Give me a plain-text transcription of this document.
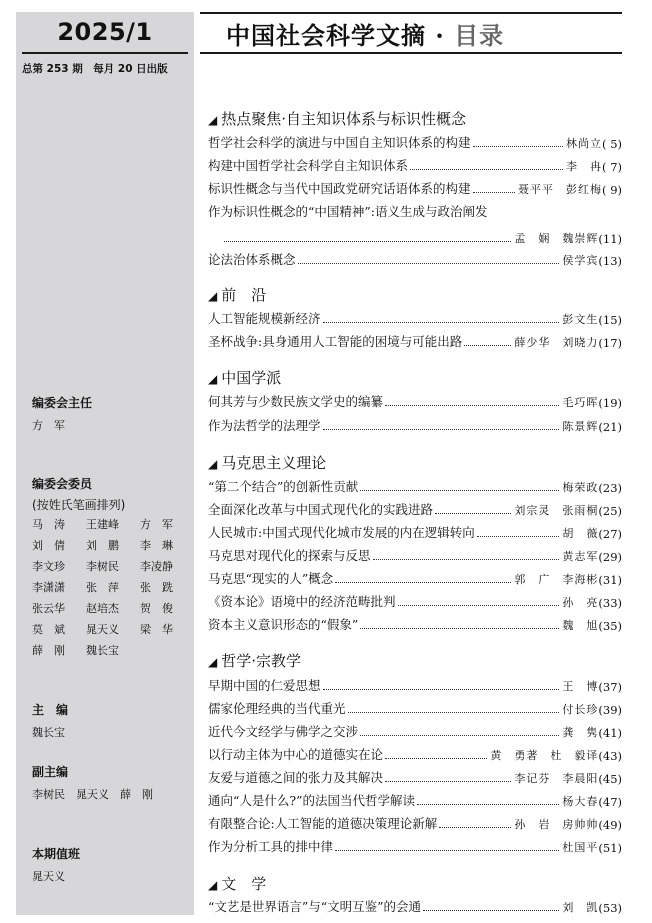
2025/1
总第 253 期　每月 20 日出版
编委会主任
方　军
编委会委员
(按姓氏笔画排列)
马　涛 王建峰 方　军
刘　倩 刘　鹏 李　琳
李文珍 李树民 李凌静
李潇潇 张　萍 张　跣
张云华 赵培杰 贺　俊
莫　斌 晁天义 梁　华
薛　刚 魏长宝
主　编
魏长宝
副主编
李树民　晁天义　薛　刚
本期值班
晁天义
中国社会科学文摘 · 目录
◢ 热点聚焦·自主知识体系与标识性概念
哲学社会科学的演进与中国自主知识体系的构建	林尚立 ( 5)
构建中国哲学社会科学自主知识体系	李　冉 ( 7)
标识性概念与当代中国政党研究话语体系的构建	聂平平　彭红梅 ( 9)
作为标识性概念的“中国精神”:语义生成与政治阐发
孟　娴　魏崇辉 (11)
论法治体系概念	侯学宾 (13)
◢ 前　沿
人工智能规模新经济	彭文生 (15)
圣杯战争:具身通用人工智能的困境与可能出路	薛少华　刘晓力 (17)
◢ 中国学派
何其芳与少数民族文学史的编纂	毛巧晖 (19)
作为法哲学的法理学	陈景辉 (21)
◢ 马克思主义理论
“第二个结合”的创新性贡献	梅荣政 (23)
全面深化改革与中国式现代化的实践进路	刘宗灵　张雨桐 (25)
人民城市:中国式现代化城市发展的内在逻辑转向	胡　薇 (27)
马克思对现代化的探索与反思	黄志军 (29)
马克思“现实的人”概念	郭　广　李海彬 (31)
《资本论》语境中的经济范畴批判	孙　亮 (33)
资本主义意识形态的“假象”	魏　旭 (35)
◢ 哲学·宗教学
早期中国的仁爱思想	王　博 (37)
儒家伦理经典的当代重光	付长珍 (39)
近代今文经学与佛学之交涉	龚　隽 (41)
以行动主体为中心的道德实在论	黄　勇著　杜　毅译 (43)
友爱与道德之间的张力及其解决	李记芬　李晨阳 (45)
通向“人是什么?”的法国当代哲学解读	杨大春 (47)
有限整合论:人工智能的道德决策理论新解	孙　岩　房帅帅 (49)
作为分析工具的排中律	杜国平 (51)
◢ 文　学
“文艺是世界语言”与“文明互鉴”的会通	刘　凯 (53)
